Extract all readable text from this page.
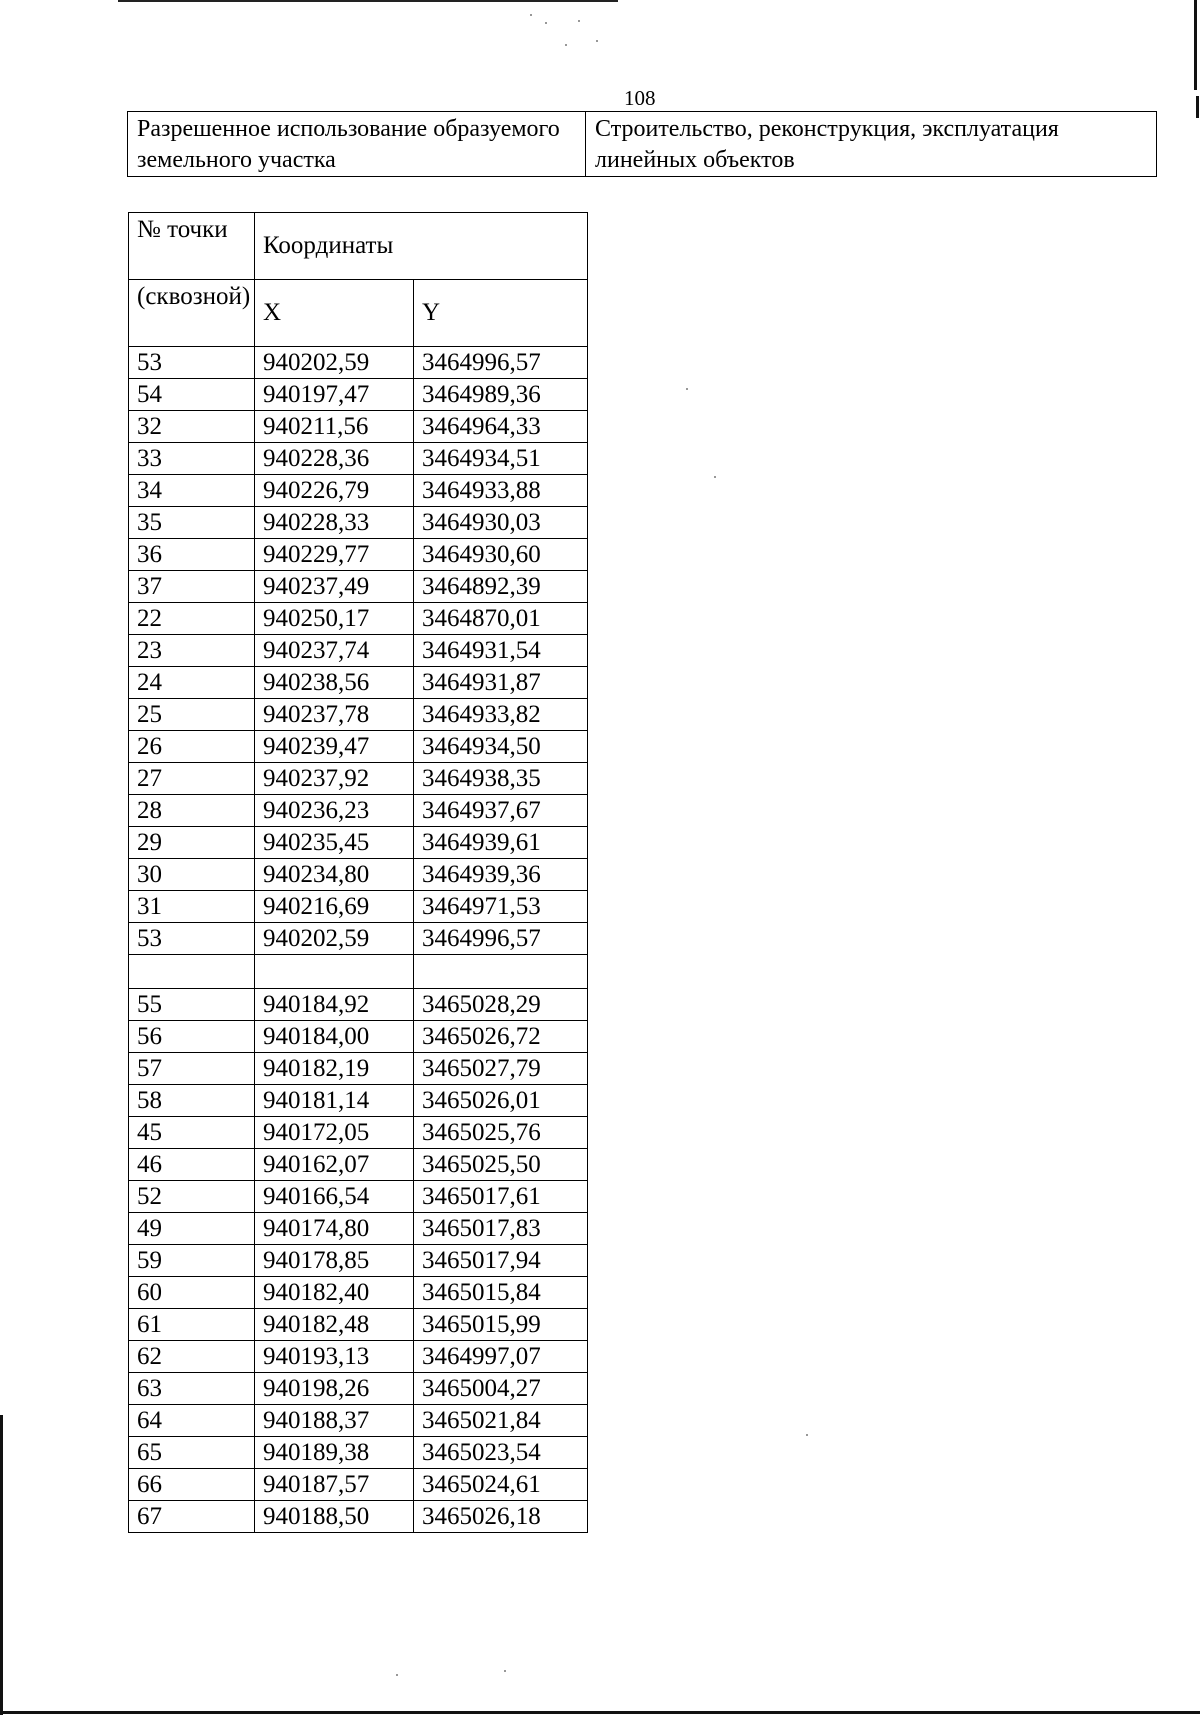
108
Разрешенное использование образуемого земельного участка	Строительство, реконструкция, эксплуатация линейных объектов
№ точки	Координаты	
(сквозной)	X	Y
53	940202,59	3464996,57
54	940197,47	3464989,36
32	940211,56	3464964,33
33	940228,36	3464934,51
34	940226,79	3464933,88
35	940228,33	3464930,03
36	940229,77	3464930,60
37	940237,49	3464892,39
22	940250,17	3464870,01
23	940237,74	3464931,54
24	940238,56	3464931,87
25	940237,78	3464933,82
26	940239,47	3464934,50
27	940237,92	3464938,35
28	940236,23	3464937,67
29	940235,45	3464939,61
30	940234,80	3464939,36
31	940216,69	3464971,53
53	940202,59	3464996,57

55	940184,92	3465028,29
56	940184,00	3465026,72
57	940182,19	3465027,79
58	940181,14	3465026,01
45	940172,05	3465025,76
46	940162,07	3465025,50
52	940166,54	3465017,61
49	940174,80	3465017,83
59	940178,85	3465017,94
60	940182,40	3465015,84
61	940182,48	3465015,99
62	940193,13	3464997,07
63	940198,26	3465004,27
64	940188,37	3465021,84
65	940189,38	3465023,54
66	940187,57	3465024,61
67	940188,50	3465026,18
